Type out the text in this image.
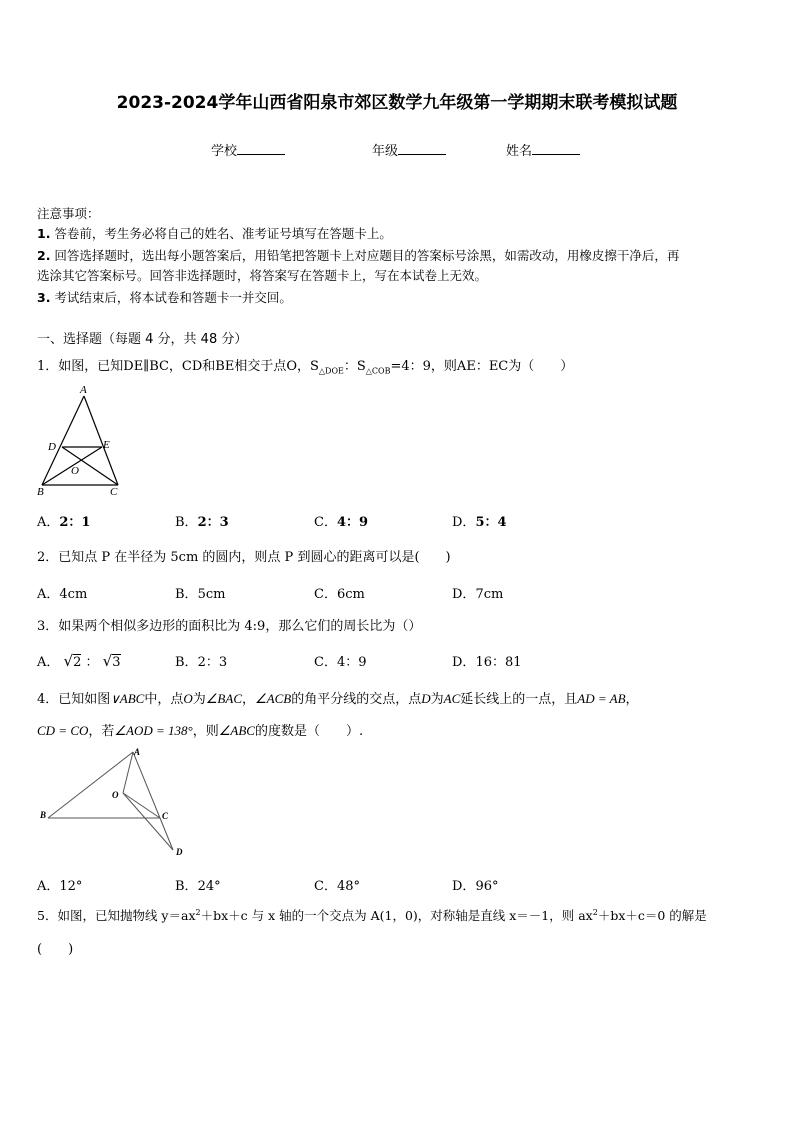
2023-2024学年山西省阳泉市郊区数学九年级第一学期期末联考模拟试题
学校	年级	姓名
注意事项：
1. 答卷前，考生务必将自己的姓名、准考证号填写在答题卡上。
2. 回答选择题时，选出每小题答案后，用铅笔把答题卡上对应题目的答案标号涂黑，如需改动，用橡皮擦干净后，再
选涂其它答案标号。回答非选择题时，将答案写在答题卡上，写在本试卷上无效。
3. 考试结束后，将本试卷和答题卡一并交回。
一、选择题（每题 4 分，共 48 分）
1．如图，已知DE∥BC，CD和BE相交于点O，$S_{\triangle DOE}$：$S_{\triangle COB}=4$：9，则AE：EC为（　　）
A
D	E
O
B	C
A．2：1	B．2：3	C．4：9	D．5：4
2．已知点 P 在半径为 5cm 的圆内，则点 P 到圆心的距离可以是(　　)
A．4cm	B．5cm	C．6cm	D．7cm
3．如果两个相似多边形的面积比为 4:9，那么它们的周长比为（）
A． √2 ： √3	B．2：3	C．4：9	D．16：81
4．已知如图∨ABC中，点O为∠BAC，∠ACB的角平分线的交点，点D为AC延长线上的一点，且AD = AB，
CD = CO，若∠AOD = 138°，则∠ABC的度数是（　　）.
A
O
B	C
D
A．12°	B．24°	C．48°	D．96°
5．如图，已知抛物线 $y=ax^2+bx+c$ 与 x 轴的一个交点为 A(1，0)，对称轴是直线 x＝－1，则 $ax^2+bx+c=0$ 的解是
(　　)
